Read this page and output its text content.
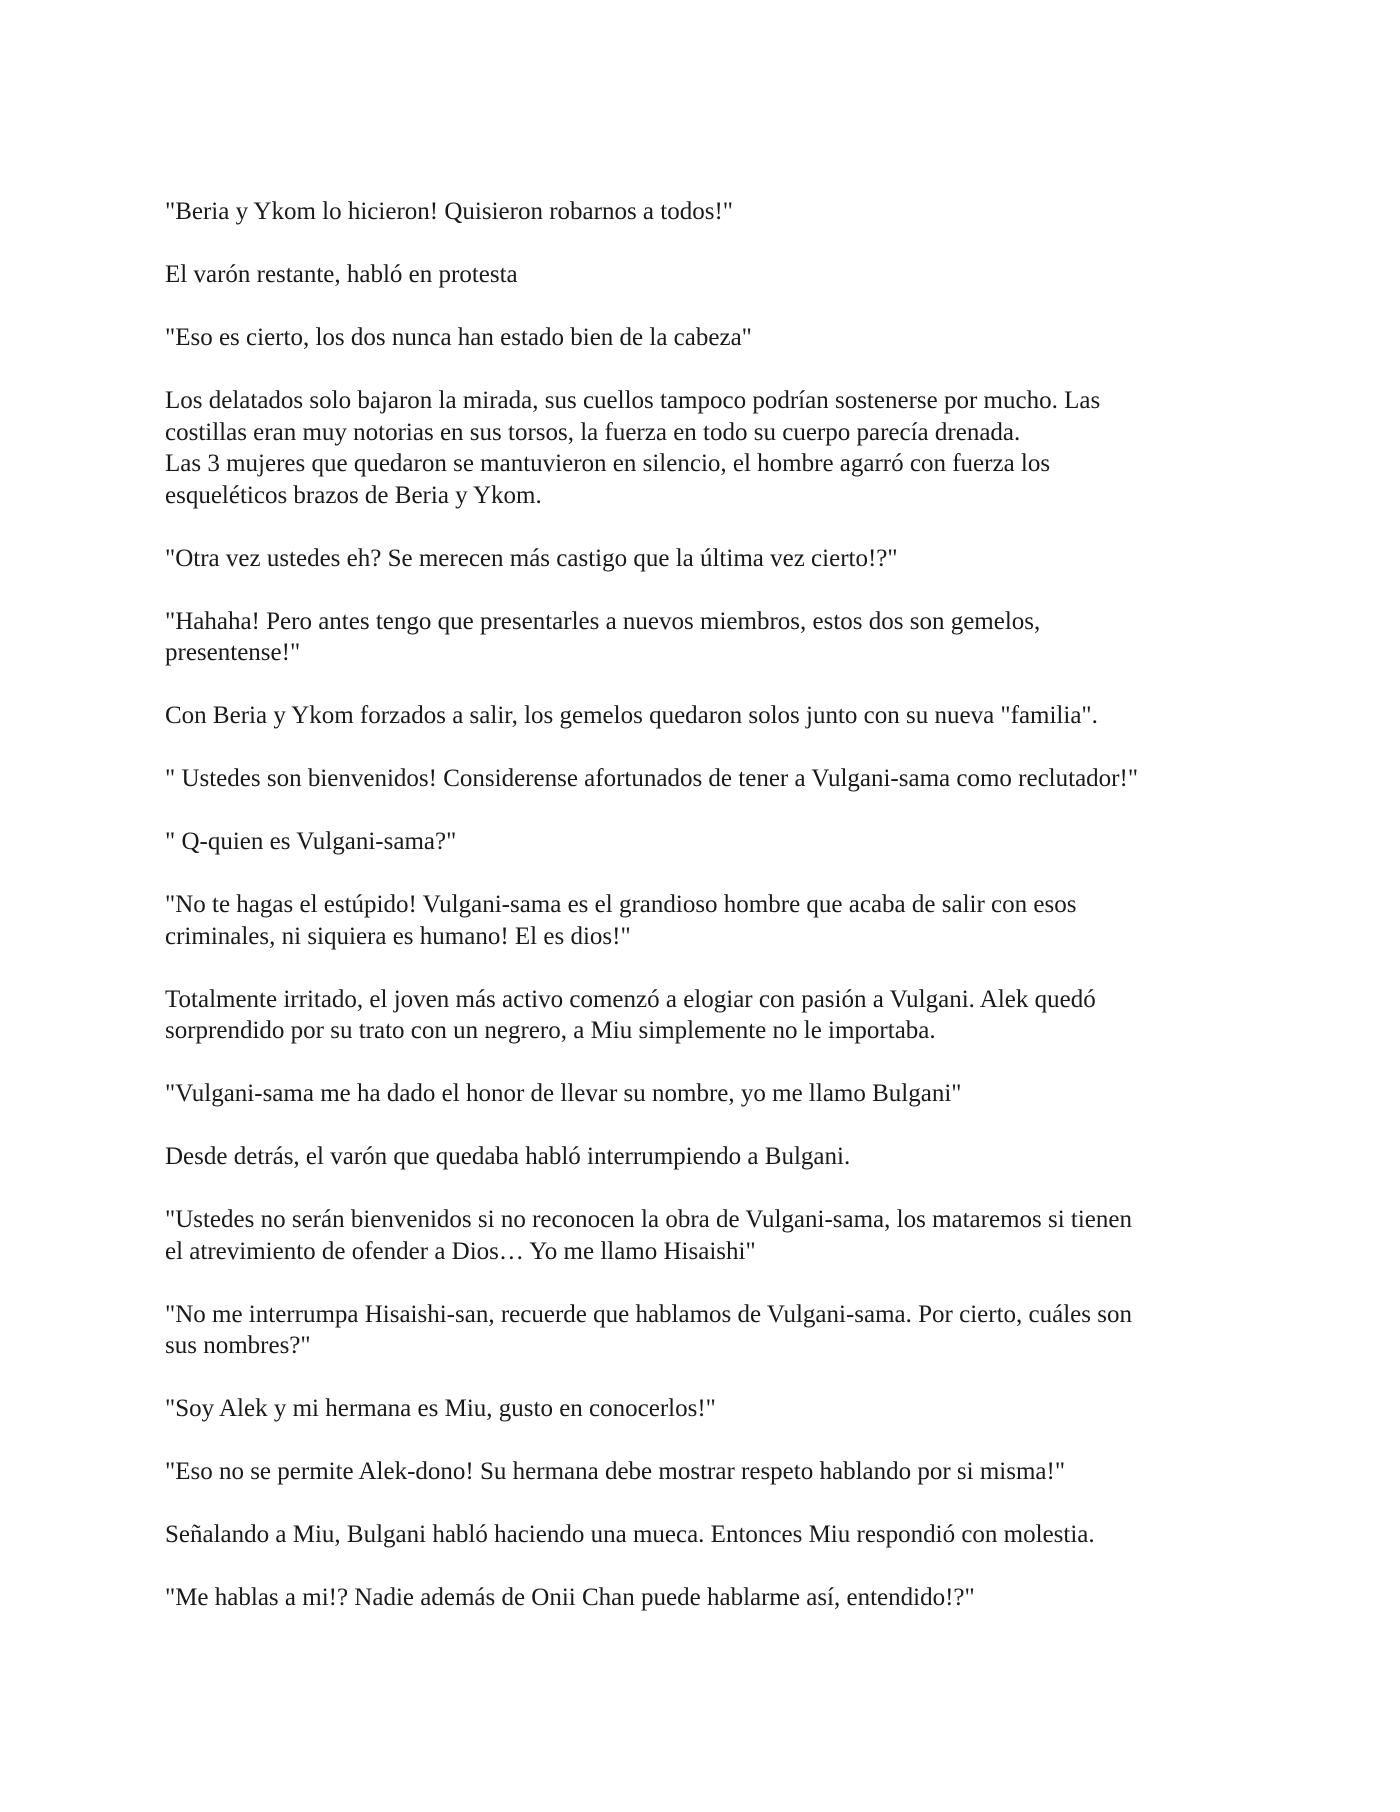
"Beria y Ykom lo hicieron! Quisieron robarnos a todos!"

El varón restante, habló en protesta

"Eso es cierto, los dos nunca han estado bien de la cabeza"

Los delatados solo bajaron la mirada, sus cuellos tampoco podrían sostenerse por mucho. Las
costillas eran muy notorias en sus torsos, la fuerza en todo su cuerpo parecía drenada.
Las 3 mujeres que quedaron se mantuvieron en silencio, el hombre agarró con fuerza los
esqueléticos brazos de Beria y Ykom.

"Otra vez ustedes eh? Se merecen más castigo que la última vez cierto!?"

"Hahaha! Pero antes tengo que presentarles a nuevos miembros, estos dos son gemelos,
presentense!"

Con Beria y Ykom forzados a salir, los gemelos quedaron solos junto con su nueva "familia".

" Ustedes son bienvenidos! Considerense afortunados de tener a Vulgani-sama como reclutador!"

" Q-quien es Vulgani-sama?"

"No te hagas el estúpido! Vulgani-sama es el grandioso hombre que acaba de salir con esos
criminales, ni siquiera es humano! El es dios!"

Totalmente irritado, el joven más activo comenzó a elogiar con pasión a Vulgani. Alek quedó
sorprendido por su trato con un negrero, a Miu simplemente no le importaba.

"Vulgani-sama me ha dado el honor de llevar su nombre, yo me llamo Bulgani"

Desde detrás, el varón que quedaba habló interrumpiendo a Bulgani.

"Ustedes no serán bienvenidos si no reconocen la obra de Vulgani-sama, los mataremos si tienen
el atrevimiento de ofender a Dios… Yo me llamo Hisaishi"

"No me interrumpa Hisaishi-san, recuerde que hablamos de Vulgani-sama. Por cierto, cuáles son
sus nombres?"

"Soy Alek y mi hermana es Miu, gusto en conocerlos!"

"Eso no se permite Alek-dono! Su hermana debe mostrar respeto hablando por si misma!"

Señalando a Miu, Bulgani habló haciendo una mueca. Entonces Miu respondió con molestia.

"Me hablas a mi!? Nadie además de Onii Chan puede hablarme así, entendido!?"
